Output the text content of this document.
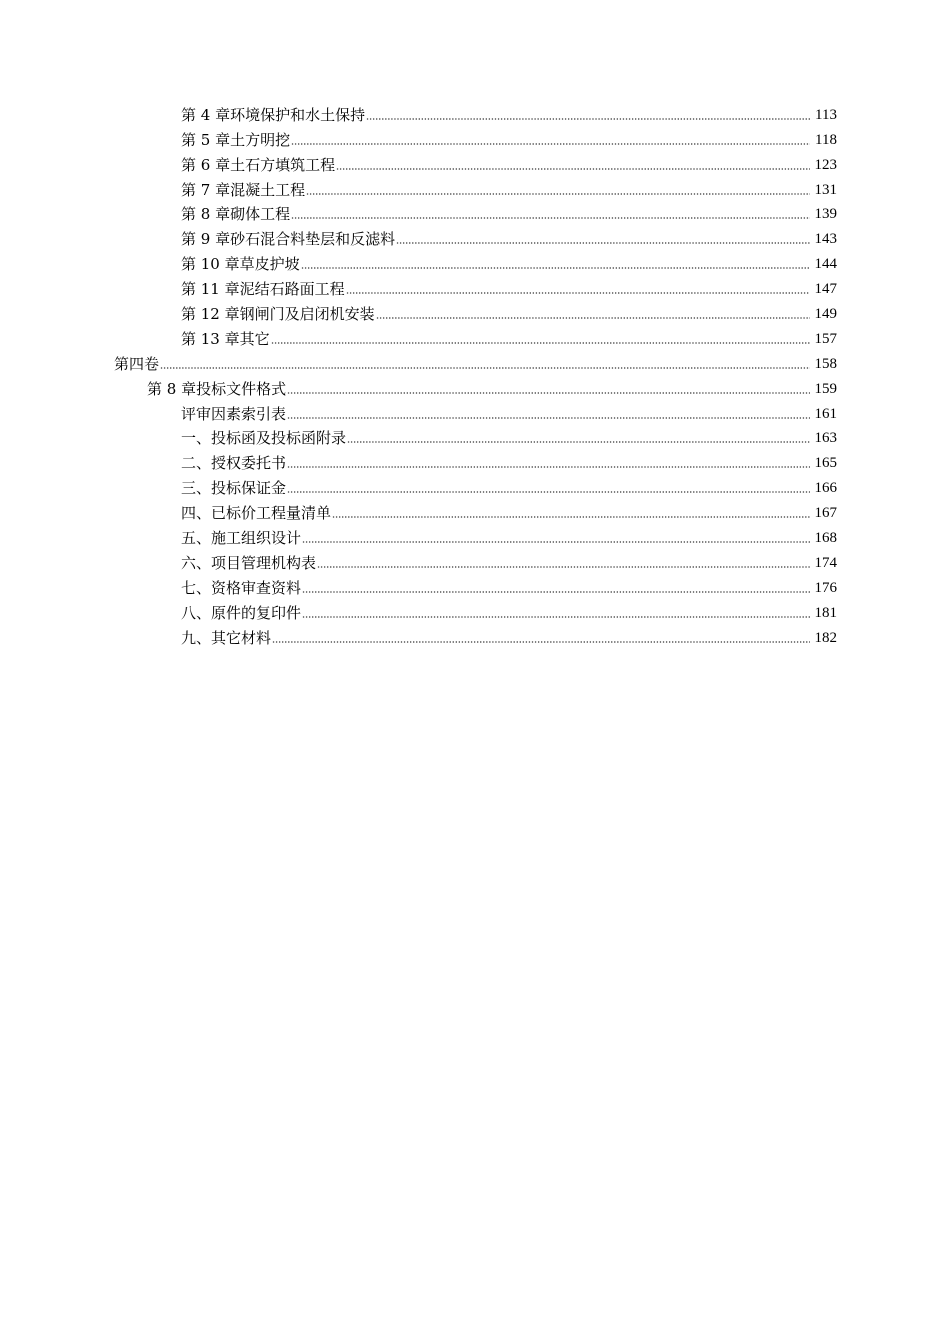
第 4 章环境保护和水土保持	113
第 5 章土方明挖	118
第 6 章土石方填筑工程	123
第 7 章混凝土工程	131
第 8 章砌体工程	139
第 9 章砂石混合料垫层和反滤料	143
第 10 章草皮护坡	144
第 11 章泥结石路面工程	147
第 12 章钢闸门及启闭机安装	149
第 13 章其它	157
第四卷	158
第 8 章投标文件格式	159
评审因素索引表	161
一、投标函及投标函附录	163
二、授权委托书	165
三、投标保证金	166
四、已标价工程量清单	167
五、施工组织设计	168
六、项目管理机构表	174
七、资格审查资料	176
八、原件的复印件	181
九、其它材料	182
